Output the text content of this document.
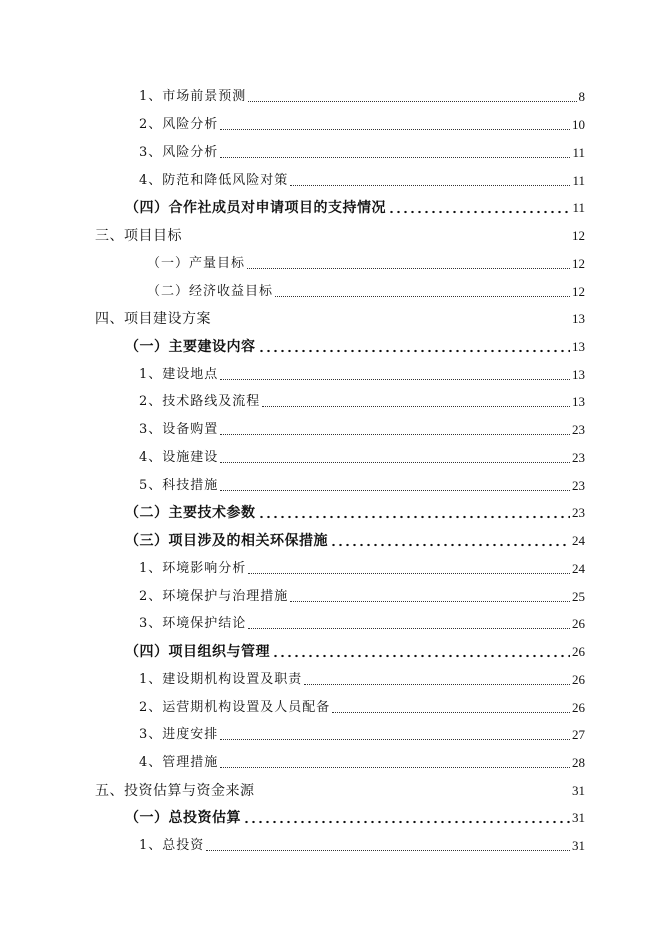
1、市场前景预测	8
2、风险分析	10
3、风险分析	11
4、防范和降低风险对策	11
（四）合作社成员对申请项目的支持情况	11
三、项目目标	12
（一）产量目标	12
（二）经济收益目标	12
四、项目建设方案	13
（一）主要建设内容	13
1、建设地点	13
2、技术路线及流程	13
3、设备购置	23
4、设施建设	23
5、科技措施	23
（二）主要技术参数	23
（三）项目涉及的相关环保措施	24
1、环境影响分析	24
2、环境保护与治理措施	25
3、环境保护结论	26
（四）项目组织与管理	26
1、建设期机构设置及职责	26
2、运营期机构设置及人员配备	26
3、进度安排	27
4、管理措施	28
五、投资估算与资金来源	31
（一）总投资估算	31
1、总投资	31
